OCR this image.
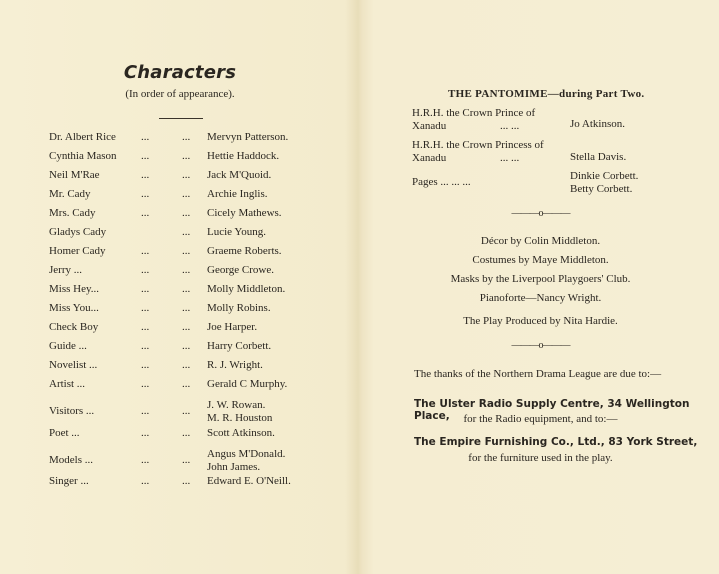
Characters
(In order of appearance).
Dr. Albert Rice ...	... Mervyn Patterson.
Cynthia Mason ...	... Hettie Haddock.
Neil M'Rae	...	... Jack M'Quoid.
Mr. Cady	...	... Archie Inglis.
Mrs. Cady	...	... Cicely Mathews.
Gladys Cady	... Lucie Young.
Homer Cady	...	... Graeme Roberts.
Jerry ...	...	... George Crowe.
Miss Hey...	...	... Molly Middleton.
Miss You...	...	... Molly Robins.
Check Boy	...	... Joe Harper.
Guide ...	...	... Harry Corbett.
Novelist ...	...	... R. J. Wright.
Artist ...	...	... Gerald C Murphy.
Visitors ...	...	... J. W. Rowan.
M. R. Houston
Poet ...	...	... Scott Atkinson.
Models ...	...	... Angus M'Donald.
John James.
Singer ...	...	... Edward E. O'Neill.
THE PANTOMIME—during Part Two.
H.R.H. the Crown Prince of
Xanadu	... ...	Jo Atkinson.
H.R.H. the Crown Princess of
Xanadu	... ...	Stella Davis.
Pages ... ... ...	Dinkie Corbett.
Betty Corbett.
———o———
Décor by Colin Middleton.
Costumes by Maye Middleton.
Masks by the Liverpool Playgoers' Club.
Pianoforte—Nancy Wright.
The Play Produced by Nita Hardie.
———o———
The thanks of the Northern Drama League are due to:—
The Ulster Radio Supply Centre, 34 Wellington Place,	for the Radio equipment, and to:—
The Empire Furnishing Co., Ltd., 83 York Street,
for the furniture used in the play.
